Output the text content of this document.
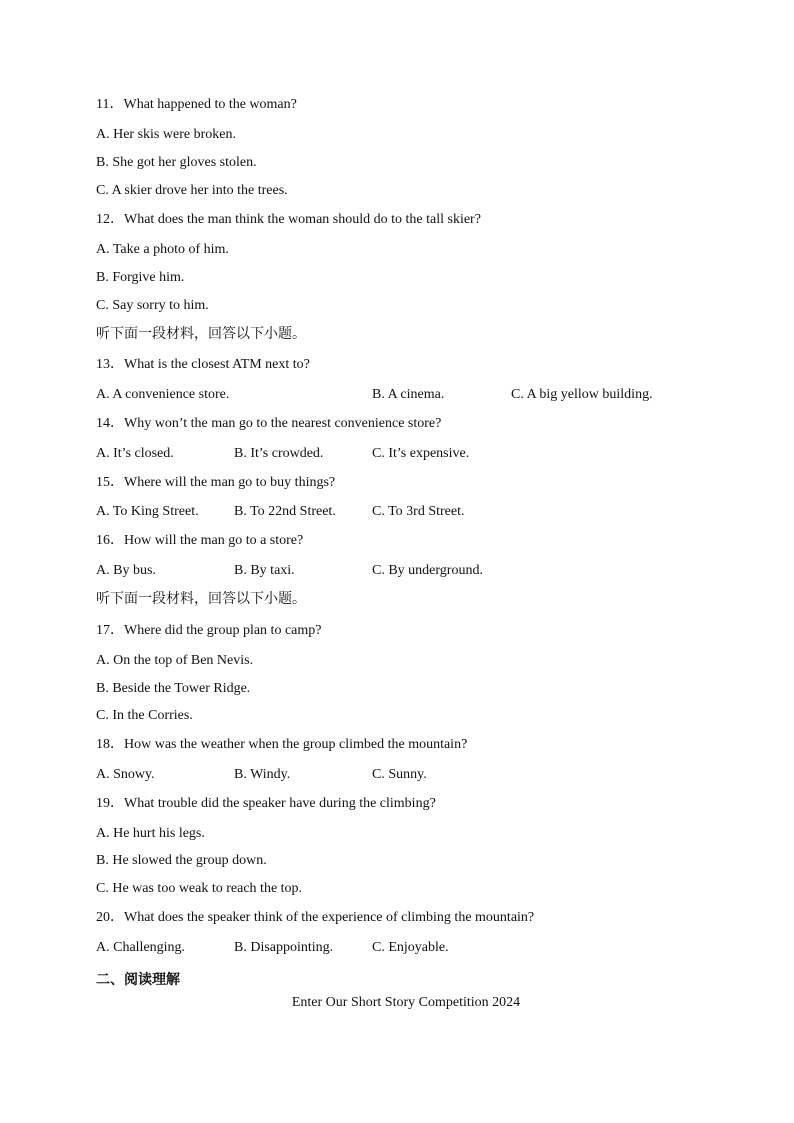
11．What happened to the woman?
A. Her skis were broken.
B. She got her gloves stolen.
C. A skier drove her into the trees.
12．What does the man think the woman should do to the tall skier?
A. Take a photo of him.
B. Forgive him.
C. Say sorry to him.
听下面一段材料，回答以下小题。
13．What is the closest ATM next to?
A. A convenience store.	B. A cinema.	C. A big yellow building.
14．Why won’t the man go to the nearest convenience store?
A. It’s closed.	B. It’s crowded.	C. It’s expensive.
15．Where will the man go to buy things?
A. To King Street.	B. To 22nd Street.	C. To 3rd Street.
16．How will the man go to a store?
A. By bus.	B. By taxi.	C. By underground.
听下面一段材料，回答以下小题。
17．Where did the group plan to camp?
A. On the top of Ben Nevis.
B. Beside the Tower Ridge.
C. In the Corries.
18．How was the weather when the group climbed the mountain?
A. Snowy.	B. Windy.	C. Sunny.
19．What trouble did the speaker have during the climbing?
A. He hurt his legs.
B. He slowed the group down.
C. He was too weak to reach the top.
20．What does the speaker think of the experience of climbing the mountain?
A. Challenging.	B. Disappointing.	C. Enjoyable.
二、阅读理解
Enter Our Short Story Competition 2024
